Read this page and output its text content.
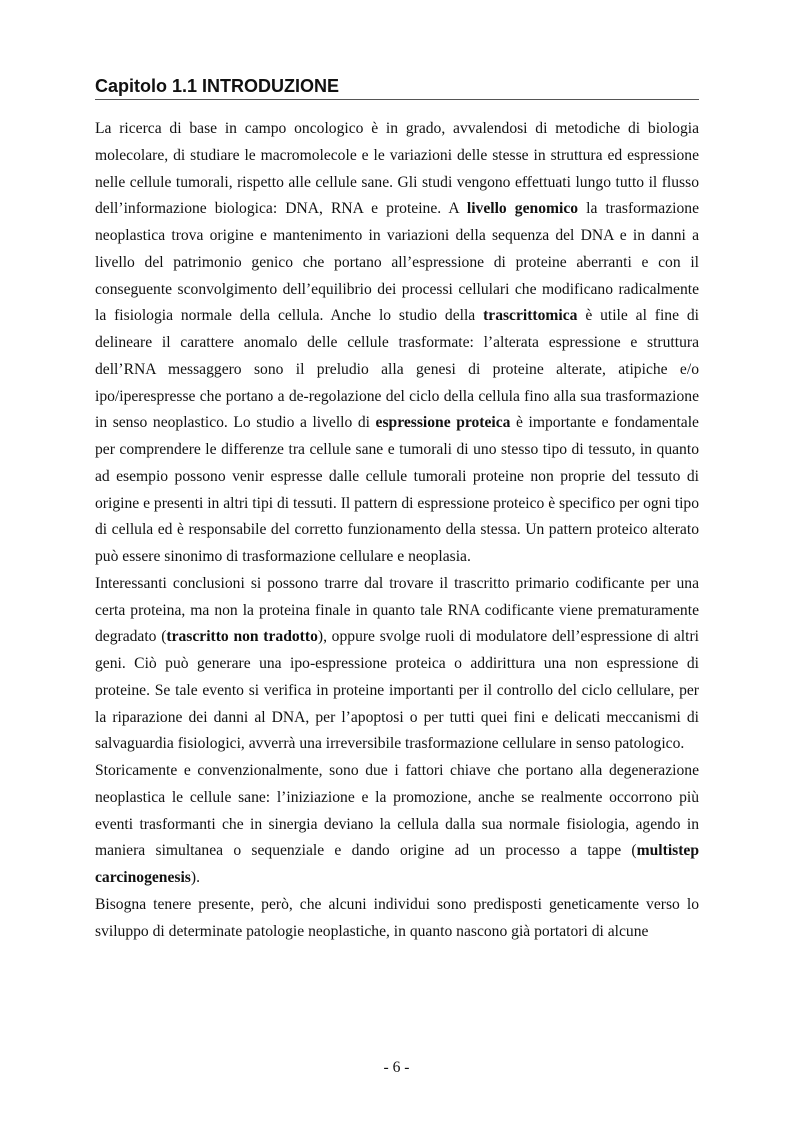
Capitolo 1.1 INTRODUZIONE

La ricerca di base in campo oncologico è in grado, avvalendosi di metodiche di biologia molecolare, di studiare le macromolecole e le variazioni delle stesse in struttura ed espressione nelle cellule tumorali, rispetto alle cellule sane. Gli studi vengono effettuati lungo tutto il flusso dell’informazione biologica: DNA, RNA e proteine. A livello genomico la trasformazione neoplastica trova origine e mantenimento in variazioni della sequenza del DNA e in danni a livello del patrimonio genico che portano all’espressione di proteine aberranti e con il conseguente sconvolgimento dell’equilibrio dei processi cellulari che modificano radicalmente la fisiologia normale della cellula. Anche lo studio della trascrittomica è utile al fine di delineare il carattere anomalo delle cellule trasformate: l’alterata espressione e struttura dell’RNA messaggero sono il preludio alla genesi di proteine alterate, atipiche e/o ipo/iperespresse che portano a de-regolazione del ciclo della cellula fino alla sua trasformazione in senso neoplastico. Lo studio a livello di espressione proteica è importante e fondamentale per comprendere le differenze tra cellule sane e tumorali di uno stesso tipo di tessuto, in quanto ad esempio possono venir espresse dalle cellule tumorali proteine non proprie del tessuto di origine e presenti in altri tipi di tessuti. Il pattern di espressione proteico è specifico per ogni tipo di cellula ed è responsabile del corretto funzionamento della stessa. Un pattern proteico alterato può essere sinonimo di trasformazione cellulare e neoplasia.

Interessanti conclusioni si possono trarre dal trovare il trascritto primario codificante per una certa proteina, ma non la proteina finale in quanto tale RNA codificante viene prematuramente degradato (trascritto non tradotto), oppure svolge ruoli di modulatore dell’espressione di altri geni. Ciò può generare una ipo-espressione proteica o addirittura una non espressione di proteine. Se tale evento si verifica in proteine importanti per il controllo del ciclo cellulare, per la riparazione dei danni al DNA, per l’apoptosi o per tutti quei fini e delicati meccanismi di salvaguardia fisiologici, avverrà una irreversibile trasformazione cellulare in senso patologico.

Storicamente e convenzionalmente, sono due i fattori chiave che portano alla degenerazione neoplastica le cellule sane: l’iniziazione e la promozione, anche se realmente occorrono più eventi trasformanti che in sinergia deviano la cellula dalla sua normale fisiologia, agendo in maniera simultanea o sequenziale e dando origine ad un processo a tappe (multistep carcinogenesis).

Bisogna tenere presente, però, che alcuni individui sono predisposti geneticamente verso lo sviluppo di determinate patologie neoplastiche, in quanto nascono già portatori di alcune

- 6 -
